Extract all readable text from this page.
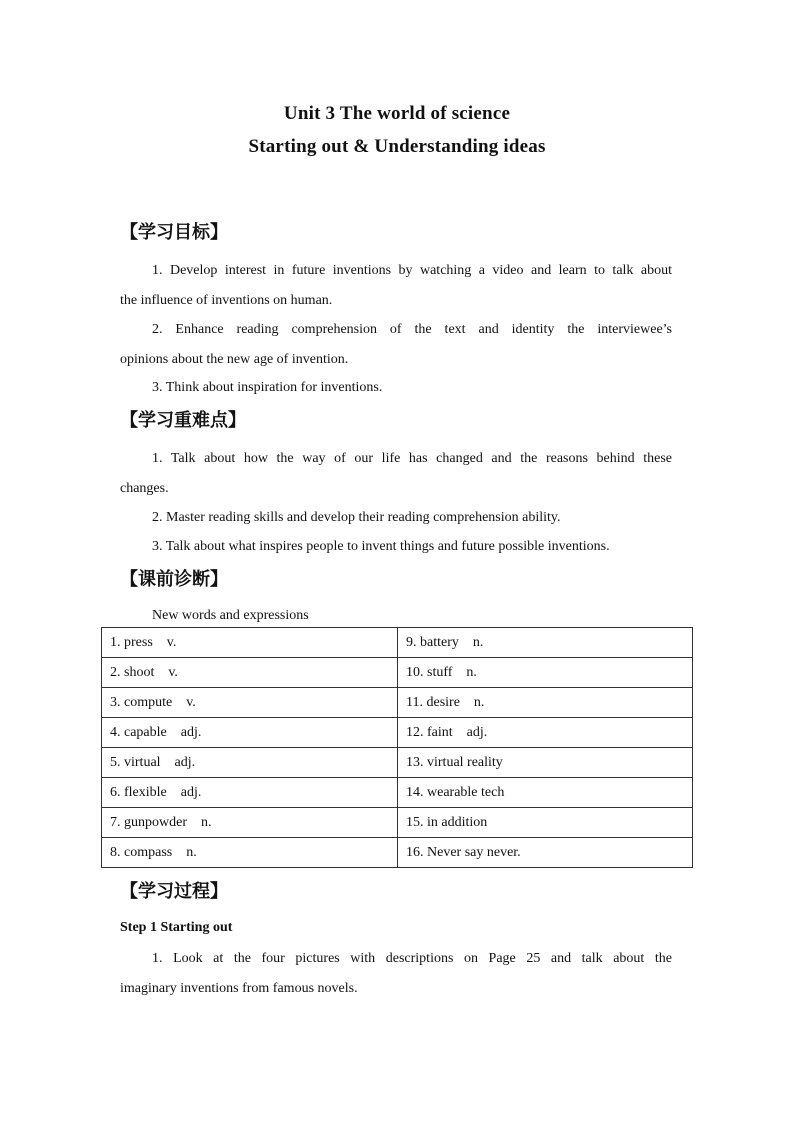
Unit 3 The world of science
Starting out & Understanding ideas
【学习目标】
1. Develop interest in future inventions by watching a video and learn to talk about
the influence of inventions on human.
2. Enhance reading comprehension of the text and identity the interviewee’s
opinions about the new age of invention.
3. Think about inspiration for inventions.
【学习重难点】
1. Talk about how the way of our life has changed and the reasons behind these
changes.
2. Master reading skills and develop their reading comprehension ability.
3. Talk about what inspires people to invent things and future possible inventions.
【课前诊断】
New words and expressions
1. press v.	9. battery n.
2. shoot v.	10. stuff n.
3. compute v.	11. desire n.
4. capable adj.	12. faint adj.
5. virtual adj.	13. virtual reality
6. flexible adj.	14. wearable tech
7. gunpowder n.	15. in addition
8. compass n.	16. Never say never.
【学习过程】
Step 1 Starting out
1. Look at the four pictures with descriptions on Page 25 and talk about the
imaginary inventions from famous novels.
